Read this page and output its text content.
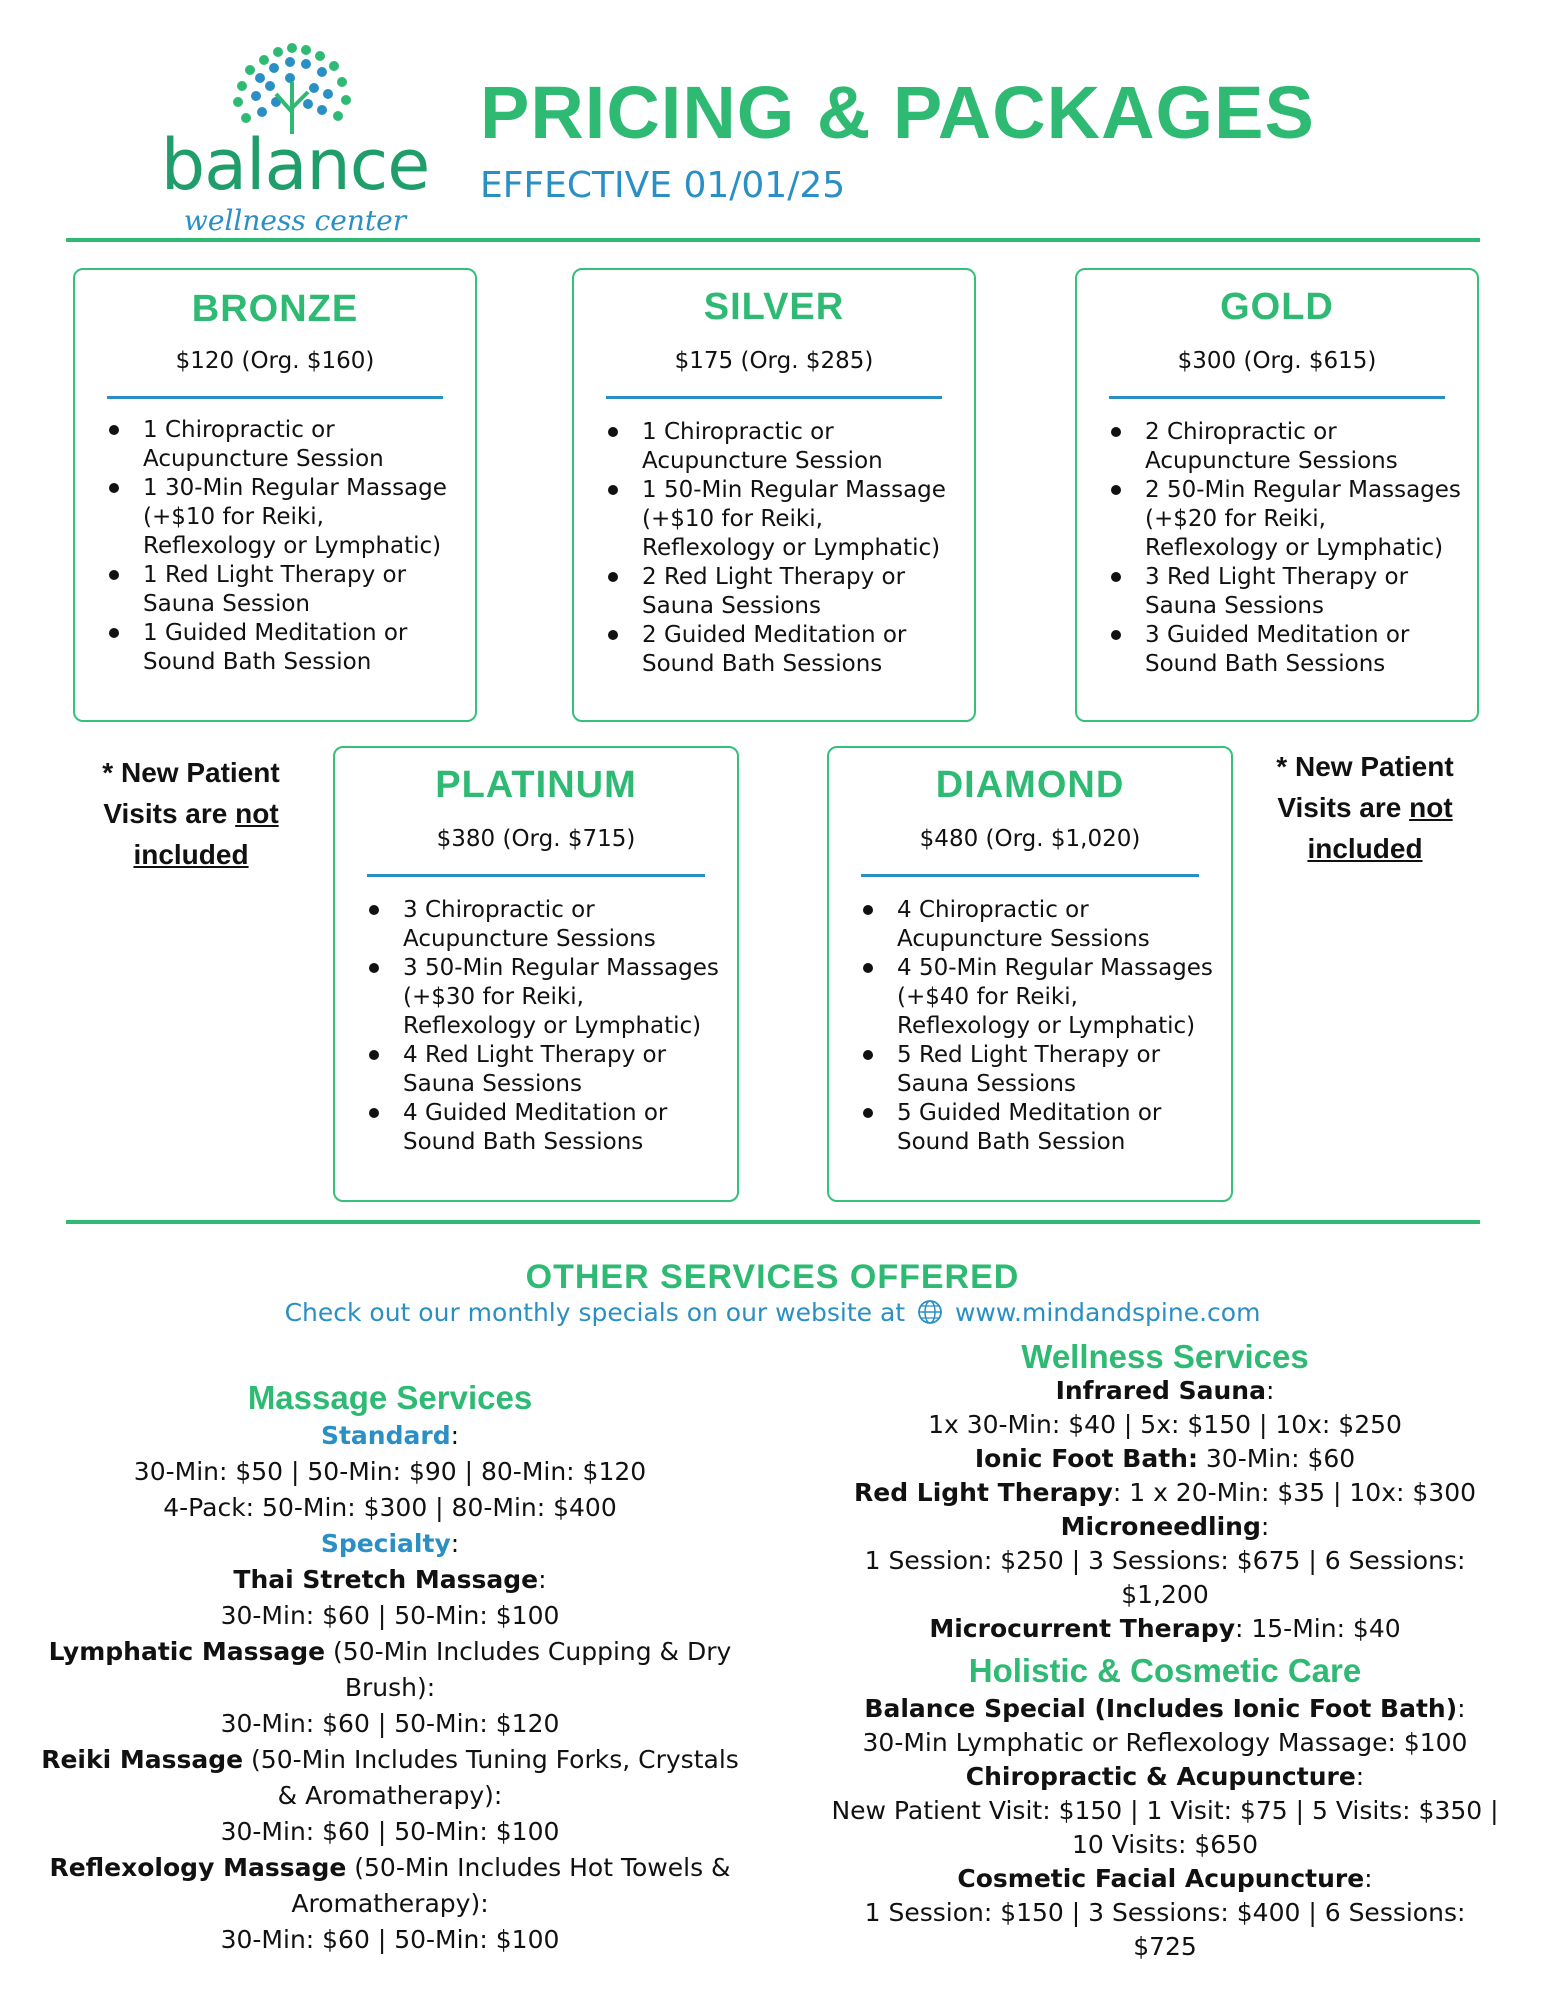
balance
wellness center
PRICING & PACKAGES
EFFECTIVE 01/01/25
BRONZE
$120 (Org. $160)
1 Chiropractic or Acupuncture Session
1 30-Min Regular Massage (+$10 for Reiki, Reflexology or Lymphatic)
1 Red Light Therapy or Sauna Session
1 Guided Meditation or Sound Bath Session
SILVER
$175 (Org. $285)
1 Chiropractic or Acupuncture Session
1 50-Min Regular Massage (+$10 for Reiki, Reflexology or Lymphatic)
2 Red Light Therapy or Sauna Sessions
2 Guided Meditation or Sound Bath Sessions
GOLD
$300 (Org. $615)
2 Chiropractic or Acupuncture Sessions
2 50-Min Regular Massages (+$20 for Reiki, Reflexology or Lymphatic)
3 Red Light Therapy or Sauna Sessions
3 Guided Meditation or Sound Bath Sessions
* New Patient Visits are not included
* New Patient Visits are not included
PLATINUM
$380 (Org. $715)
3 Chiropractic or Acupuncture Sessions
3 50-Min Regular Massages (+$30 for Reiki, Reflexology or Lymphatic)
4 Red Light Therapy or Sauna Sessions
4 Guided Meditation or Sound Bath Sessions
DIAMOND
$480 (Org. $1,020)
4 Chiropractic or Acupuncture Sessions
4 50-Min Regular Massages (+$40 for Reiki, Reflexology or Lymphatic)
5 Red Light Therapy or Sauna Sessions
5 Guided Meditation or Sound Bath Session
OTHER SERVICES OFFERED
Check out our monthly specials on our website at www.mindandspine.com
Massage Services
Standard:
30-Min: $50 | 50-Min: $90 | 80-Min: $120
4-Pack: 50-Min: $300 | 80-Min: $400
Specialty:
Thai Stretch Massage:
30-Min: $60 | 50-Min: $100
Lymphatic Massage (50-Min Includes Cupping & Dry
Brush):
30-Min: $60 | 50-Min: $120
Reiki Massage (50-Min Includes Tuning Forks, Crystals
& Aromatherapy):
30-Min: $60 | 50-Min: $100
Reflexology Massage (50-Min Includes Hot Towels &
Aromatherapy):
30-Min: $60 | 50-Min: $100
Wellness Services
Infrared Sauna:
1x 30-Min: $40 | 5x: $150 | 10x: $250
Ionic Foot Bath: 30-Min: $60
Red Light Therapy: 1 x 20-Min: $35 | 10x: $300
Microneedling:
1 Session: $250 | 3 Sessions: $675 | 6 Sessions:
$1,200
Microcurrent Therapy: 15-Min: $40
Holistic & Cosmetic Care
Balance Special (Includes Ionic Foot Bath):
30-Min Lymphatic or Reflexology Massage: $100
Chiropractic & Acupuncture:
New Patient Visit: $150 | 1 Visit: $75 | 5 Visits: $350 |
10 Visits: $650
Cosmetic Facial Acupuncture:
1 Session: $150 | 3 Sessions: $400 | 6 Sessions: $725
